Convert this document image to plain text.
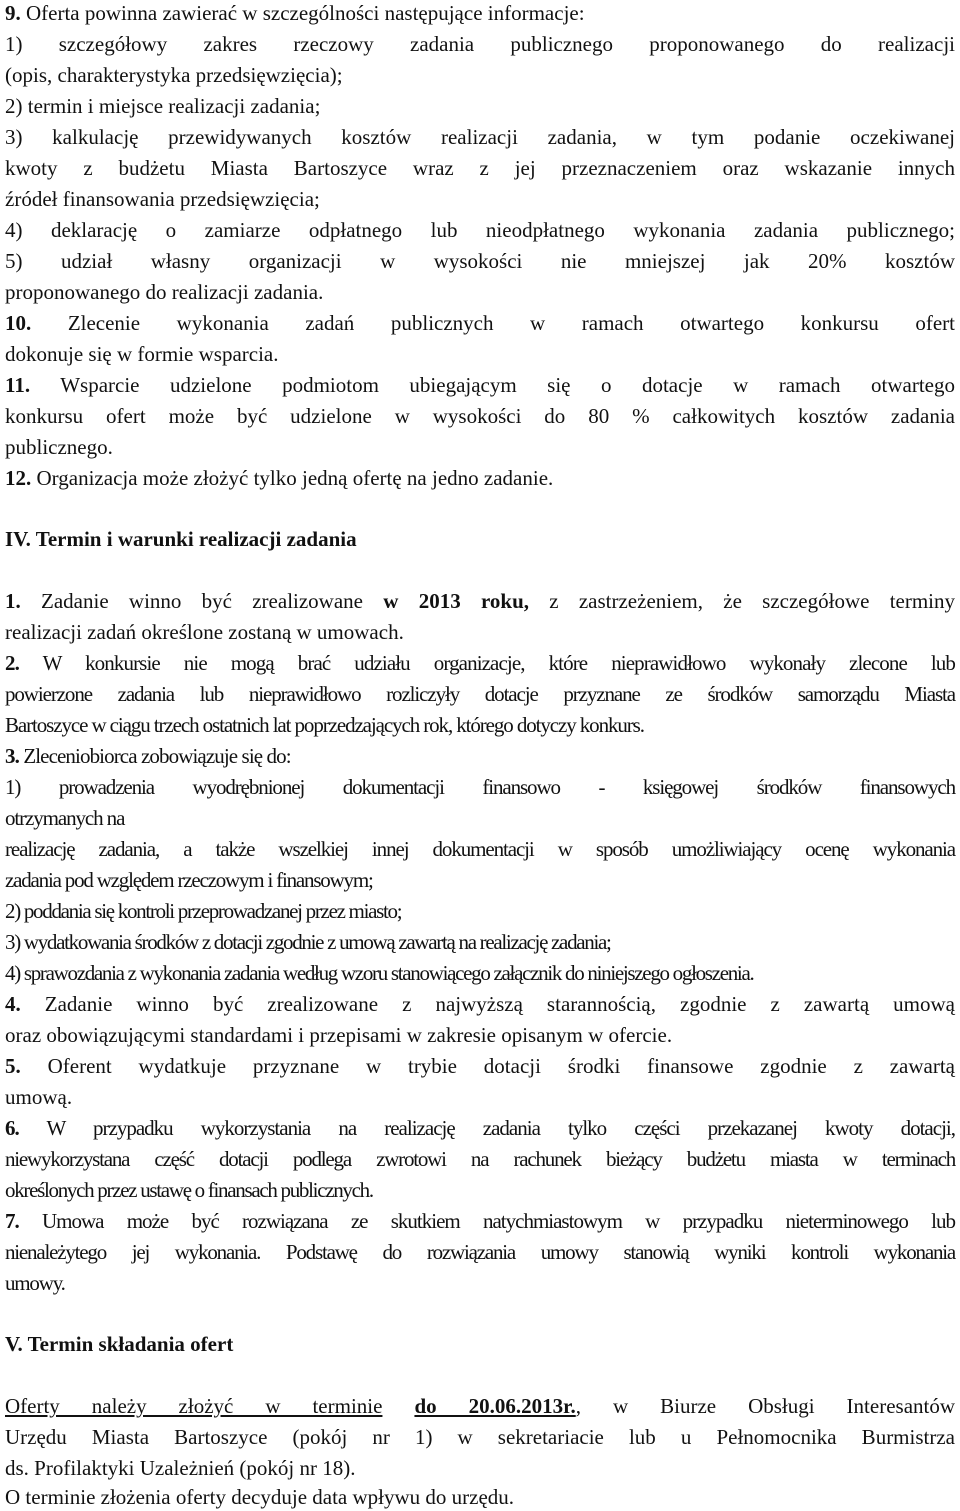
9. Oferta powinna zawierać w szczególności następujące informacje:
1) szczegółowy zakres rzeczowy zadania publicznego proponowanego do realizacji
(opis, charakterystyka przedsięwzięcia);
2) termin i miejsce realizacji zadania;
3) kalkulację przewidywanych kosztów realizacji zadania, w tym podanie oczekiwanej
kwoty z budżetu Miasta Bartoszyce wraz z jej przeznaczeniem oraz wskazanie innych
źródeł finansowania przedsięwzięcia;
4) deklarację o zamiarze odpłatnego lub nieodpłatnego wykonania zadania publicznego;
5) udział własny organizacji w wysokości nie mniejszej jak 20% kosztów
proponowanego do realizacji zadania.
10. Zlecenie wykonania zadań publicznych w ramach otwartego konkursu ofert
dokonuje się w formie wsparcia.
11. Wsparcie udzielone podmiotom ubiegającym się o dotacje w ramach otwartego
konkursu ofert może być udzielone w wysokości do 80 % całkowitych kosztów zadania
publicznego.
12. Organizacja może złożyć tylko jedną ofertę na jedno zadanie.
IV. Termin i warunki realizacji zadania
1. Zadanie winno być zrealizowane w 2013 roku, z zastrzeżeniem, że szczegółowe terminy
realizacji zadań określone zostaną w umowach.
2. W konkursie nie mogą brać udziału organizacje, które nieprawidłowo wykonały zlecone lub
powierzone zadania lub nieprawidłowo rozliczyły dotacje przyznane ze środków samorządu Miasta
Bartoszyce w ciągu trzech ostatnich lat poprzedzających rok, którego dotyczy konkurs.
3. Zleceniobiorca zobowiązuje się do:
1) prowadzenia wyodrębnionej dokumentacji finansowo - księgowej środków finansowych
otrzymanych na
realizację zadania, a także wszelkiej innej dokumentacji w sposób umożliwiający ocenę wykonania
zadania pod względem rzeczowym i finansowym;
2) poddania się kontroli przeprowadzanej przez miasto;
3) wydatkowania środków z dotacji zgodnie z umową zawartą na realizację zadania;
4) sprawozdania z wykonania zadania według wzoru stanowiącego załącznik do niniejszego ogłoszenia.
4. Zadanie winno być zrealizowane z najwyższą starannością, zgodnie z zawartą umową
oraz obowiązującymi standardami i przepisami w zakresie opisanym w ofercie.
5. Oferent wydatkuje przyznane w trybie dotacji środki finansowe zgodnie z zawartą
umową.
6. W przypadku wykorzystania na realizację zadania tylko części przekazanej kwoty dotacji,
niewykorzystana część dotacji podlega zwrotowi na rachunek bieżący budżetu miasta w terminach
określonych przez ustawę o finansach publicznych.
7. Umowa może być rozwiązana ze skutkiem natychmiastowym w przypadku nieterminowego lub
nienależytego jej wykonania. Podstawę do rozwiązania umowy stanowią wyniki kontroli wykonania
umowy.
V. Termin składania ofert
Oferty należy złożyć w terminie do 20.06.2013r., w Biurze Obsługi Interesantów
Urzędu Miasta Bartoszyce (pokój nr 1) w sekretariacie lub u Pełnomocnika Burmistrza
ds. Profilaktyki Uzależnień (pokój nr 18).
O terminie złożenia oferty decyduje data wpływu do urzędu.
